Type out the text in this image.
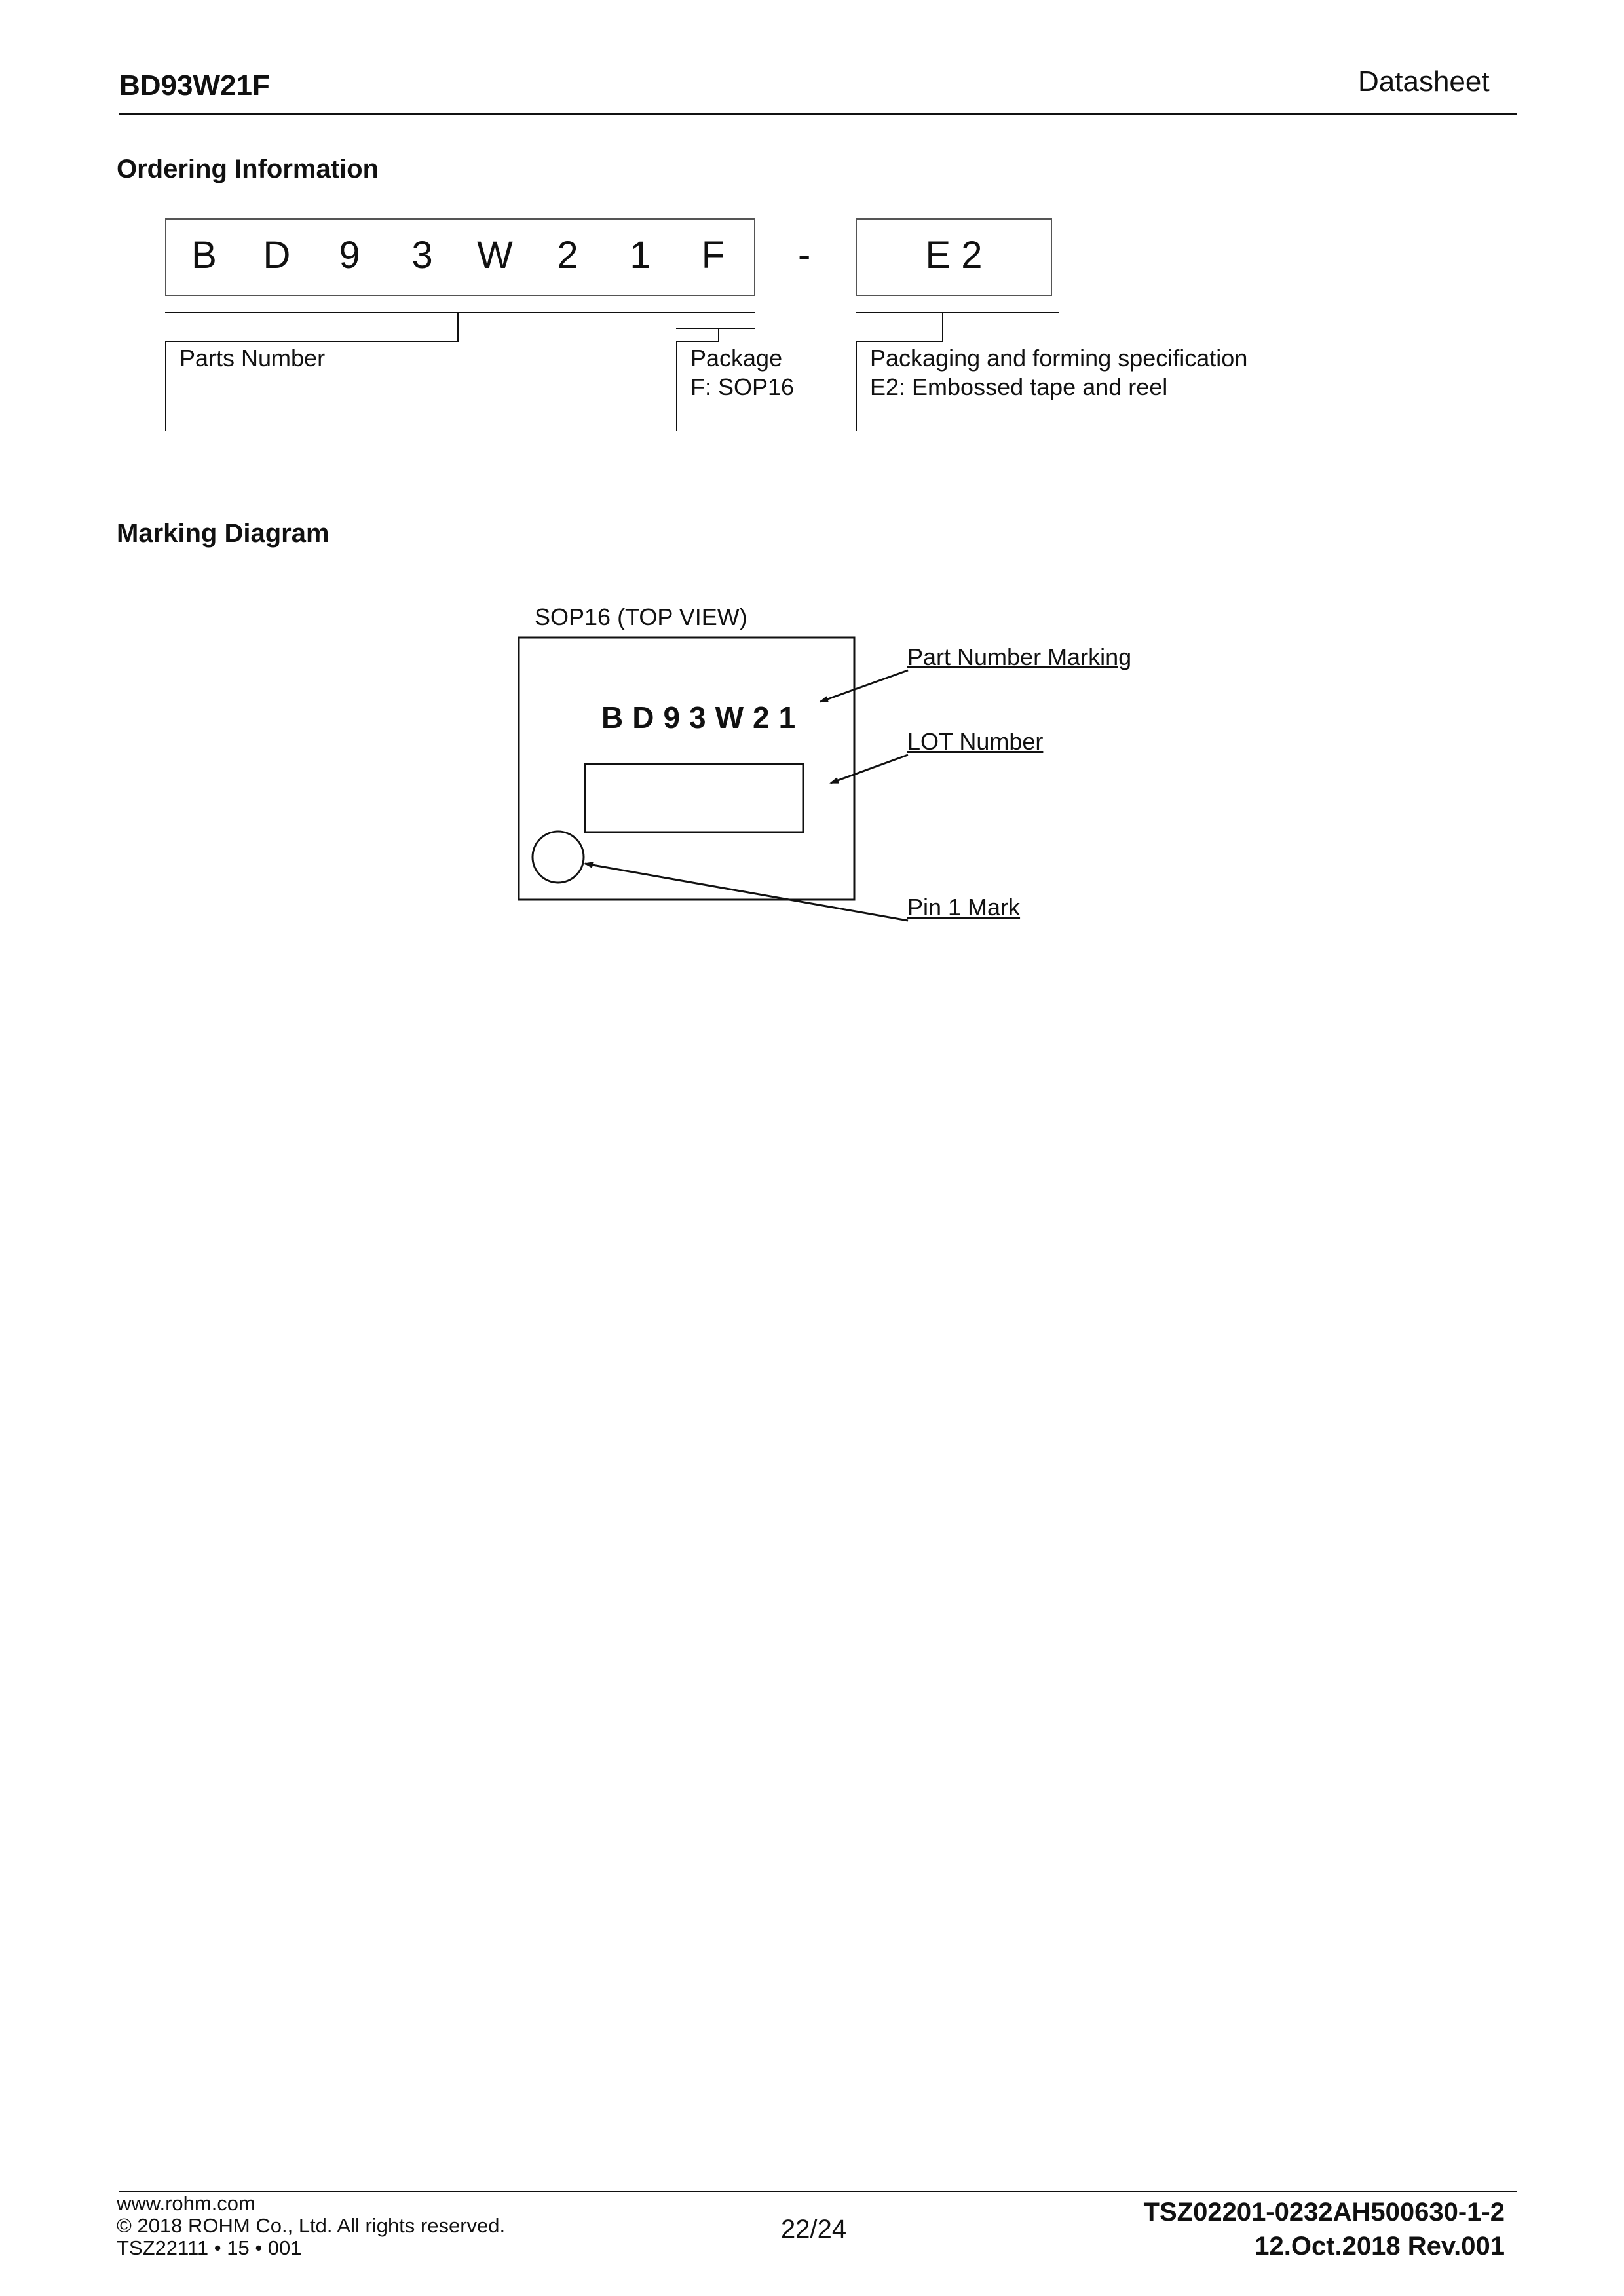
BD93W21F	Datasheet
Ordering Information
B	D	9	3	W	2	1	F	-	E 2
Parts Number	Package
F: SOP16
Packaging and forming specification
E2: Embossed tape and reel
Marking Diagram
SOP16 (TOP VIEW)
BD93W21
Part Number Marking
LOT Number
Pin 1 Mark
www.rohm.com
© 2018 ROHM Co., Ltd. All rights reserved.
TSZ22111 • 15 • 001
22/24
TSZ02201-0232AH500630-1-2
12.Oct.2018 Rev.001
